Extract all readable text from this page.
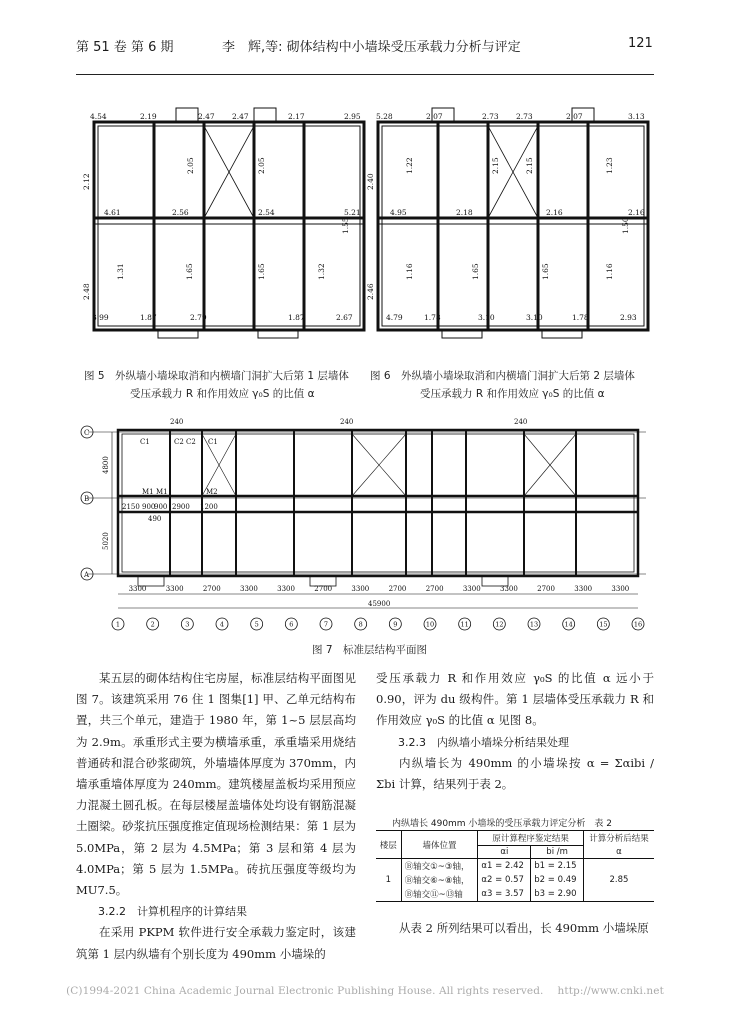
第 51 卷 第 6 期	李　辉,等: 砌体结构中小墙垛受压承载力分析与评定	121
4.54	2.19	2.47 2.47	2.17	2.95
4.61	2.56	2.54	5.21
3.99	1.87	2.79	1.87	2.67
2.12
2.48
2.05	2.05
1.31	1.65	1.65	1.32
1.55
5.28	2.07	2.73 2.73	2.07	3.13
4.95	2.18	2.16	2.16
4.79	1.78	3.10	3.10	1.78	2.93
2.40
2.46
1.22	2.15	2.15	1.23
1.16	1.65	1.65	1.16
1.50
图 5　外纵墙小墙垛取消和内横墙门洞扩大后第 1 层墙体
受压承载力 R 和作用效应 γ₀S 的比值 α
图 6　外纵墙小墙垛取消和内横墙门洞扩大后第 2 层墙体
受压承载力 R 和作用效应 γ₀S 的比值 α
C
B
A
4800
5020
240	240	240
C1	C2 C2 C1
M1 M1	M2
2150 900
900 2900 1200
490
45900
3300	3300	2700	3300	3300	2700	3300	2700	2700	3300	3300	2700	3300	3300
1	2	3	4	5	6	7	8	9	10	11	12	13	14	15	16
图 7　标准层结构平面图

某五层的砌体结构住宅房屋，标准层结构平面图见图 7。该建筑采用 76 住 1 图集[1] 甲、乙单元结构布置，共三个单元，建造于 1980 年，第 1~5 层层高均为 2.9m。承重形式主要为横墙承重，承重墙采用烧结普通砖和混合砂浆砌筑，外墙墙体厚度为 370mm，内墙承重墙体厚度为 240mm。建筑楼屋盖板均采用预应力混凝土圆孔板。在每层楼屋盖墙体处均设有钢筋混凝土圈梁。砂浆抗压强度推定值现场检测结果：第 1 层为 5.0MPa，第 2 层为 4.5MPa；第 3 层和第 4 层为 4.0MPa；第 5 层为 1.5MPa。砖抗压强度等级均为 MU7.5。

3.2.2　计算机程序的计算结果

在采用 PKPM 软件进行安全承载力鉴定时，该建筑第 1 层内纵墙有个别长度为 490mm 小墙垛的

受压承载力 R 和作用效应 γ₀S 的比值 α 远小于 0.90，评为 du 级构件。第 1 层墙体受压承载力 R 和作用效应 γ₀S 的比值 α 见图 8。

3.2.3　内纵墙小墙垛分析结果处理

内纵墙长为 490mm 的小墙垛按 α = Σαibi / Σbi 计算，结果列于表 2。

内纵墙长 490mm 小墙垛的受压承载力评定分析　表 2
楼层	墙体位置	原计算程序鉴定结果		计算分析后结果
		αi	bi /m	α
1	Ⓑ轴交①~③轴，	α1 = 2.42	b1 = 2.15	2.85
	Ⓑ轴交⑥~⑧轴，	α2 = 0.57	b2 = 0.49	
	Ⓑ轴交⑪~⑬轴	α3 = 3.57	b3 = 2.90	

从表 2 所列结果可以看出，长 490mm 小墙垛原

(C)1994-2021 China Academic Journal Electronic Publishing House. All rights reserved.　 http://www.cnki.net
